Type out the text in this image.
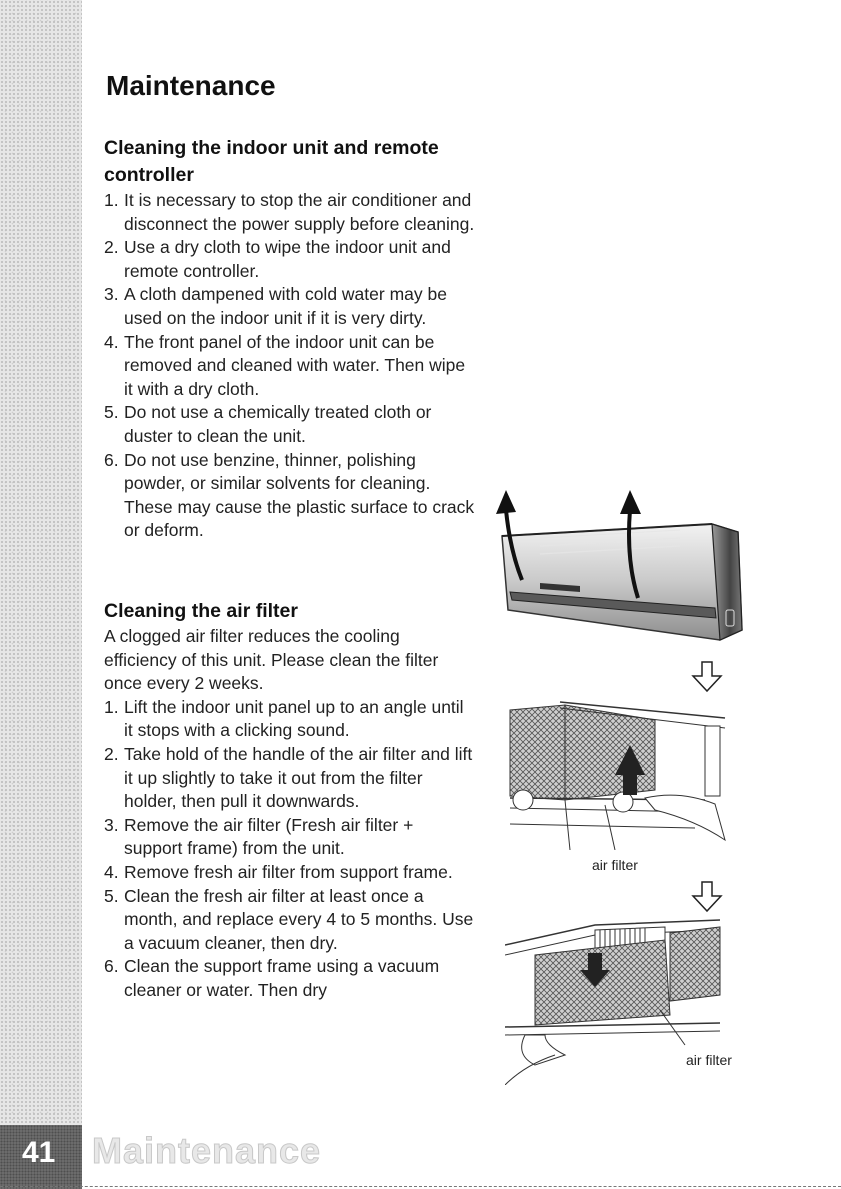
41 Maintenance
Maintenance
Cleaning the indoor unit and remote controller
1. It is necessary to stop the air conditioner and disconnect the power supply before cleaning.
2. Use a dry cloth to wipe the indoor unit and remote controller.
3. A cloth dampened with cold water may be used on the indoor unit if it is very dirty.
4. The front panel of the indoor unit can be removed and cleaned with water. Then wipe it with a dry cloth.
5. Do not use a chemically treated cloth or duster to clean the unit.
6. Do not use benzine, thinner, polishing powder, or similar solvents for cleaning. These may cause the plastic surface to crack or deform.
Cleaning the air filter

A clogged air filter reduces the cooling efficiency of this unit. Please clean the filter once every 2 weeks.

1. Lift the indoor unit panel up to an angle until it stops with a clicking sound.
2. Take hold of the handle of the air filter and lift it up slightly to take it out from the filter holder, then pull it downwards.
3. Remove the air filter (Fresh air filter + support frame) from the unit.
4. Remove fresh air filter from support frame.
5. Clean the fresh air filter at least once a month, and replace every 4 to 5 months. Use a vacuum cleaner, then dry.
6. Clean the support frame using a vacuum cleaner or water. Then dry
air filter
air filter
